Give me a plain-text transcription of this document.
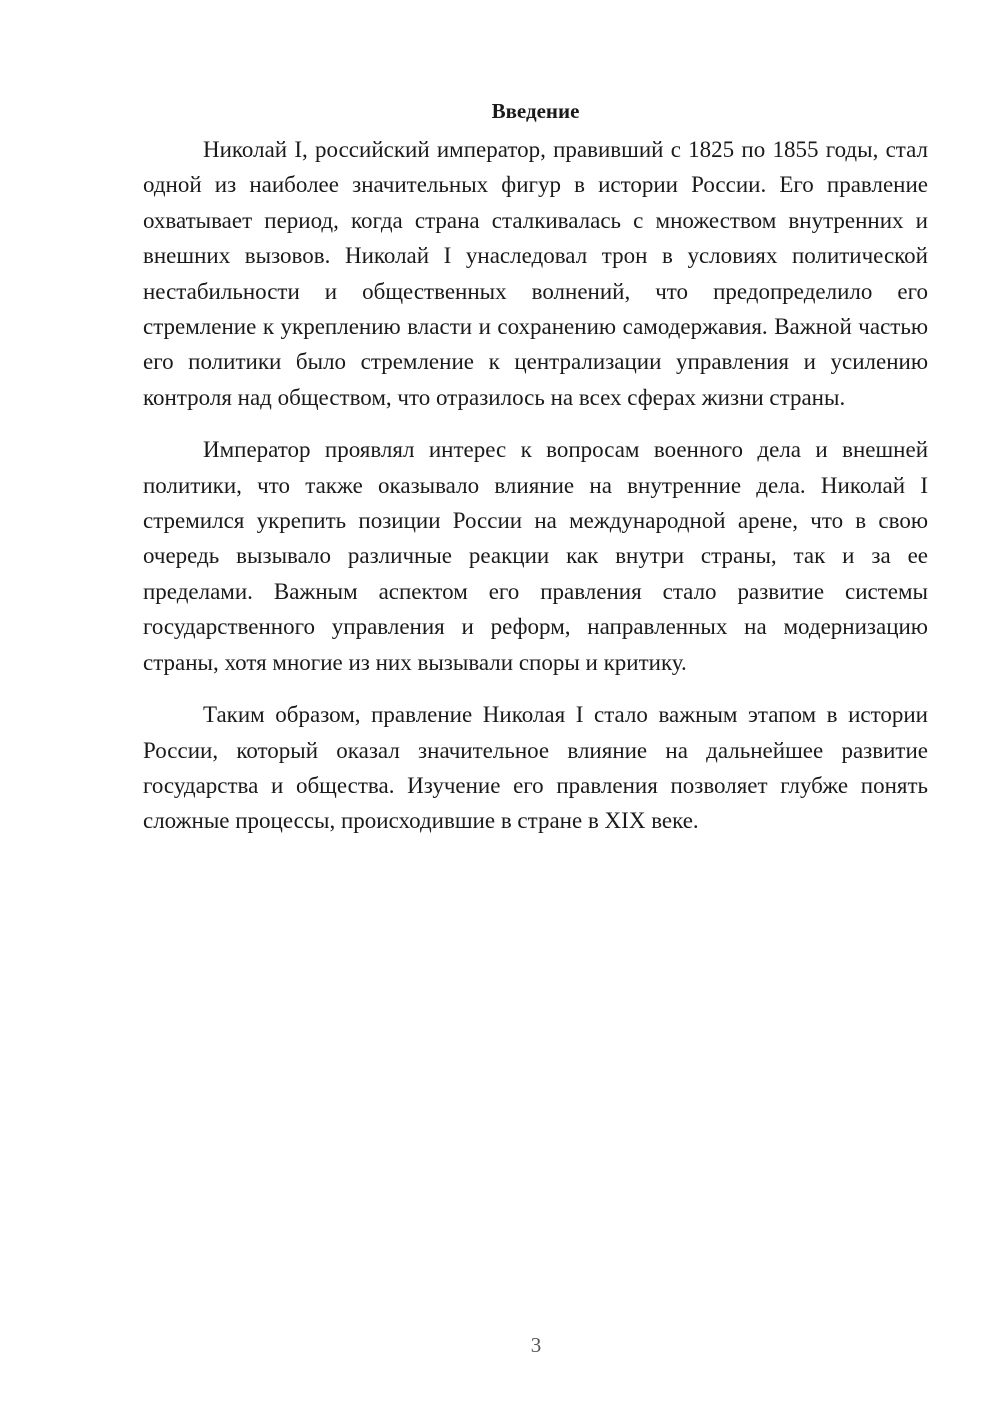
Введение

Николай I, российский император, правивший с 1825 по 1855 годы, стал одной из наиболее значительных фигур в истории России. Его правление охватывает период, когда страна сталкивалась с множеством внутренних и внешних вызовов. Николай I унаследовал трон в условиях политической нестабильности и общественных волнений, что предопределило его стремление к укреплению власти и сохранению самодержавия. Важной частью его политики было стремление к централизации управления и усилению контроля над обществом, что отразилось на всех сферах жизни страны.

Император проявлял интерес к вопросам военного дела и внешней политики, что также оказывало влияние на внутренние дела. Николай I стремился укрепить позиции России на международной арене, что в свою очередь вызывало различные реакции как внутри страны, так и за ее пределами. Важным аспектом его правления стало развитие системы государственного управления и реформ, направленных на модернизацию страны, хотя многие из них вызывали споры и критику.

Таким образом, правление Николая I стало важным этапом в истории России, который оказал значительное влияние на дальнейшее развитие государства и общества. Изучение его правления позволяет глубже понять сложные процессы, происходившие в стране в XIX веке.

3
